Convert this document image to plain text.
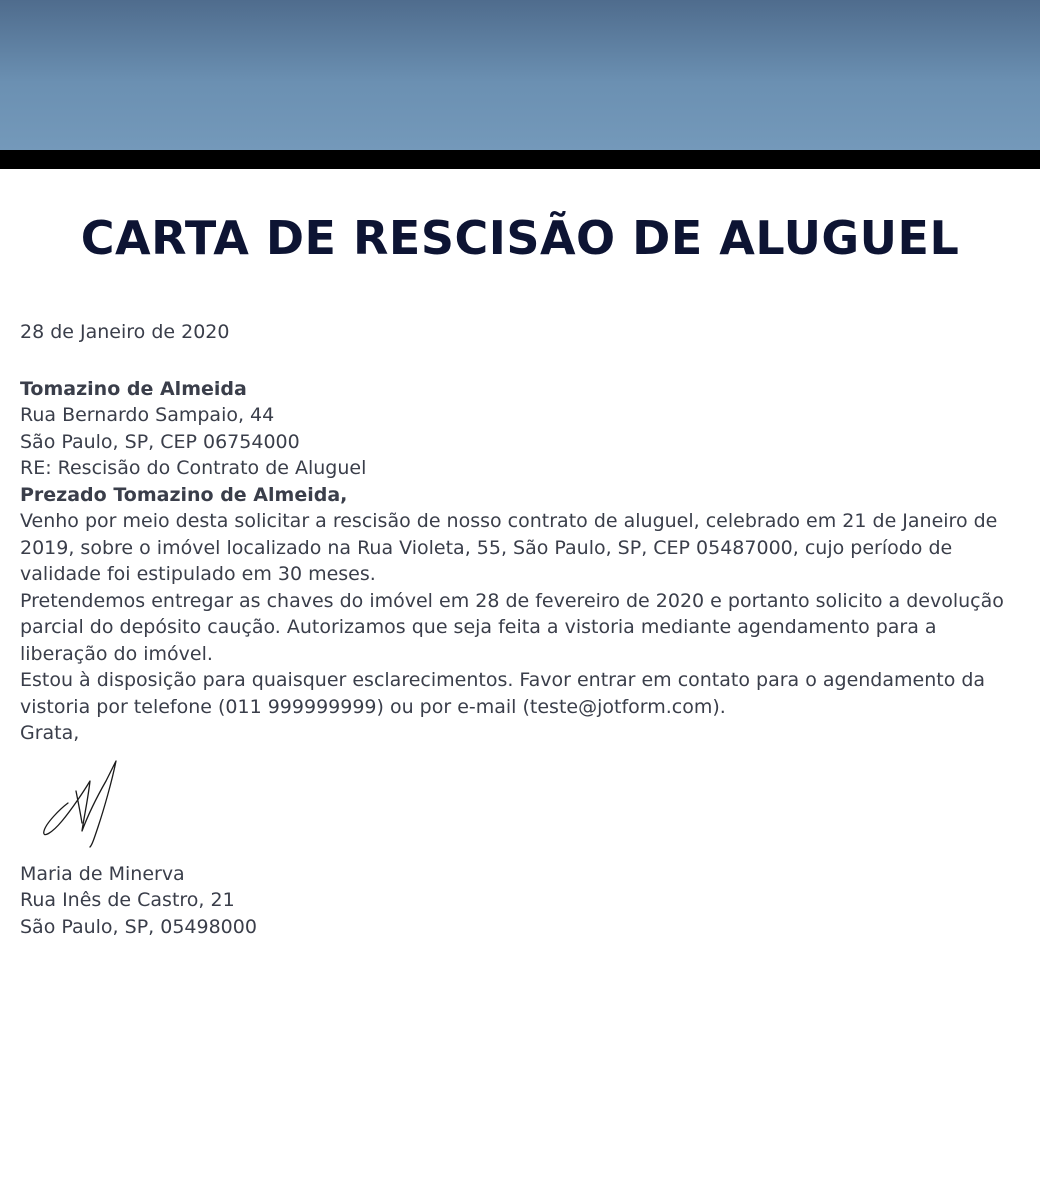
CARTA DE RESCISÃO DE ALUGUEL

28 de Janeiro de 2020

Tomazino de Almeida

Rua Bernardo Sampaio, 44

São Paulo, SP, CEP 06754000

RE: Rescisão do Contrato de Aluguel

Prezado Tomazino de Almeida,

Venho por meio desta solicitar a rescisão de nosso contrato de aluguel, celebrado em 21 de Janeiro de 2019, sobre o imóvel localizado na Rua Violeta, 55, São Paulo, SP, CEP 05487000, cujo período de validade foi estipulado em 30 meses.

Pretendemos entregar as chaves do imóvel em 28 de fevereiro de 2020 e portanto solicito a devolução parcial do depósito caução. Autorizamos que seja feita a vistoria mediante agendamento para a liberação do imóvel.

Estou à disposição para quaisquer esclarecimentos. Favor entrar em contato para o agendamento da vistoria por telefone (011 999999999) ou por e-mail (teste@jotform.com).

Grata,

Maria de Minerva

Rua Inês de Castro, 21

São Paulo, SP, 05498000
